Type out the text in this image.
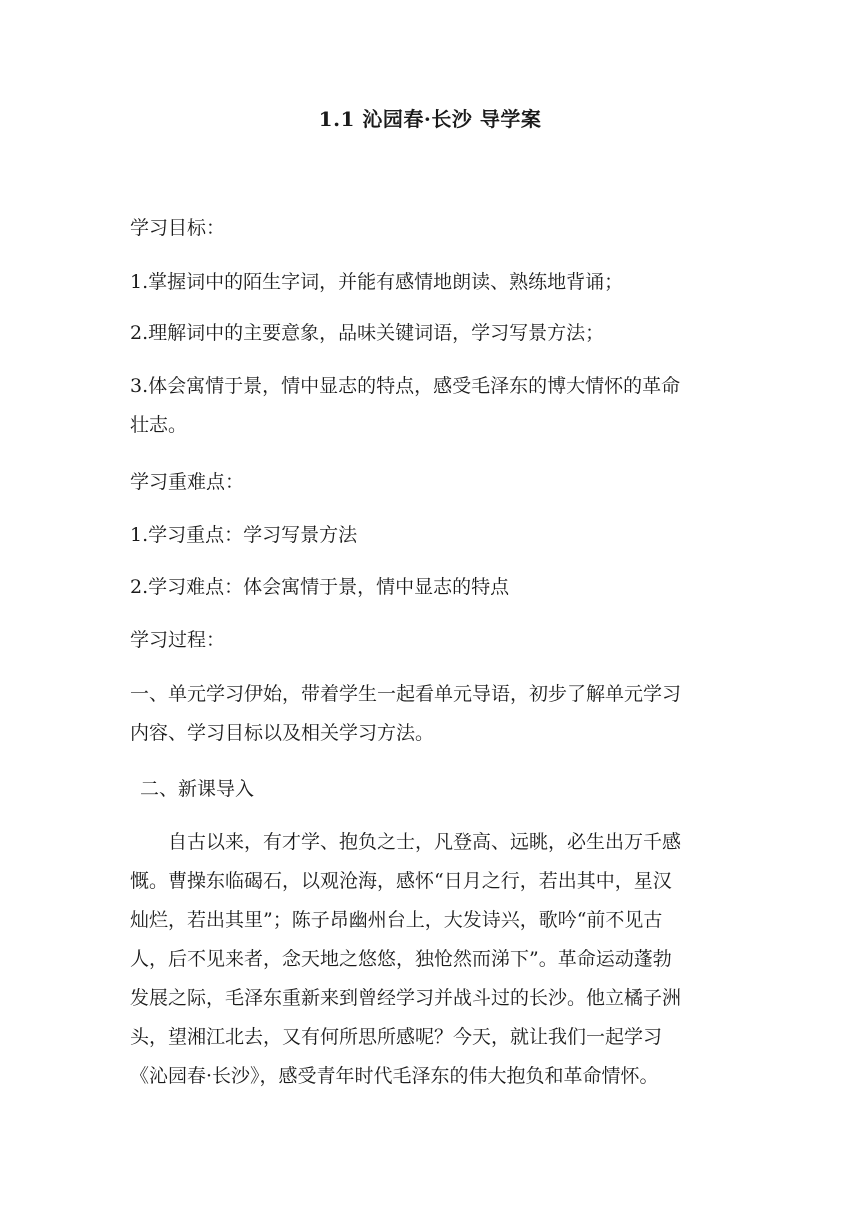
1.1 沁园春·长沙 导学案
学习目标：
1.掌握词中的陌生字词，并能有感情地朗读、熟练地背诵；
2.理解词中的主要意象，品味关键词语，学习写景方法；
3.体会寓情于景，情中显志的特点，感受毛泽东的博大情怀的革命
壮志。
学习重难点：
1.学习重点：学习写景方法
2.学习难点：体会寓情于景，情中显志的特点
学习过程：
一、单元学习伊始，带着学生一起看单元导语，初步了解单元学习
内容、学习目标以及相关学习方法。
二、新课导入
　　自古以来，有才学、抱负之士，凡登高、远眺，必生出万千感
慨。曹操东临碣石，以观沧海，感怀“日月之行，若出其中，星汉
灿烂，若出其里”；陈子昂幽州台上，大发诗兴，歌吟“前不见古
人，后不见来者，念天地之悠悠，独怆然而涕下”。革命运动蓬勃
发展之际，毛泽东重新来到曾经学习并战斗过的长沙。他立橘子洲
头，望湘江北去，又有何所思所感呢？今天，就让我们一起学习
《沁园春·长沙》，感受青年时代毛泽东的伟大抱负和革命情怀。
